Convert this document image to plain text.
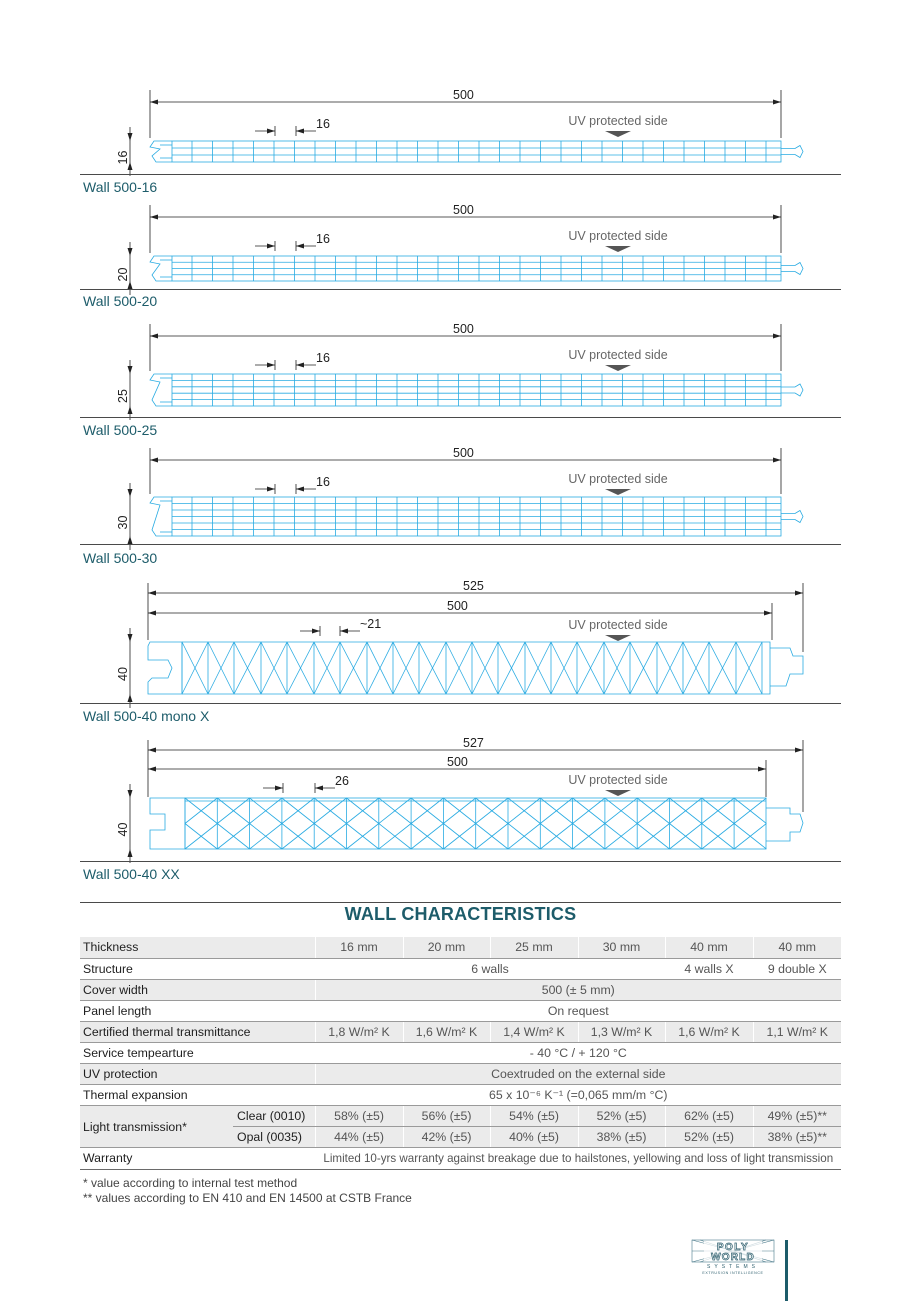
500
16	UV protected side
16
500
16	UV protected side
20
500
16	UV protected side
25
500
16	UV protected side
30
525
500
~21	UV protected side
40
527
500
26	UV protected side
40
Wall 500-16
Wall 500-20
Wall 500-25
Wall 500-30
Wall 500-40 mono X
Wall 500-40 XX
WALL CHARACTERISTICS
Thickness		16 mm	20 mm	25 mm	30 mm	40 mm	40 mm
Structure		6 walls				4 walls X	9 double X
Cover width		500 (± 5 mm)					
Panel length		On request					
Certified thermal transmittance		1,8 W/m² K	1,6 W/m² K	1,4 W/m² K	1,3 W/m² K	1,6 W/m² K	1,1 W/m² K
Service tempearture		- 40 °C / + 120 °C					
UV protection		Coextruded on the external side					
Thermal expansion		65 x 10⁻⁶ K⁻¹ (=0,065 mm/m °C)					
Light transmission*	Clear (0010)	58% (±5)	56% (±5)	54% (±5)	52% (±5)	62% (±5)	49% (±5)**
	Opal (0035)	44% (±5)	42% (±5)	40% (±5)	38% (±5)	52% (±5)	38% (±5)**
Warranty		Limited 10-yrs warranty against breakage due to hailstones, yellowing and loss of light transmission					
* value according to internal test method
** values according to EN 410 and EN 14500 at CSTB France
POLY
WORLD
SYSTEMS
EXTRUSION INTELLIGENCE
